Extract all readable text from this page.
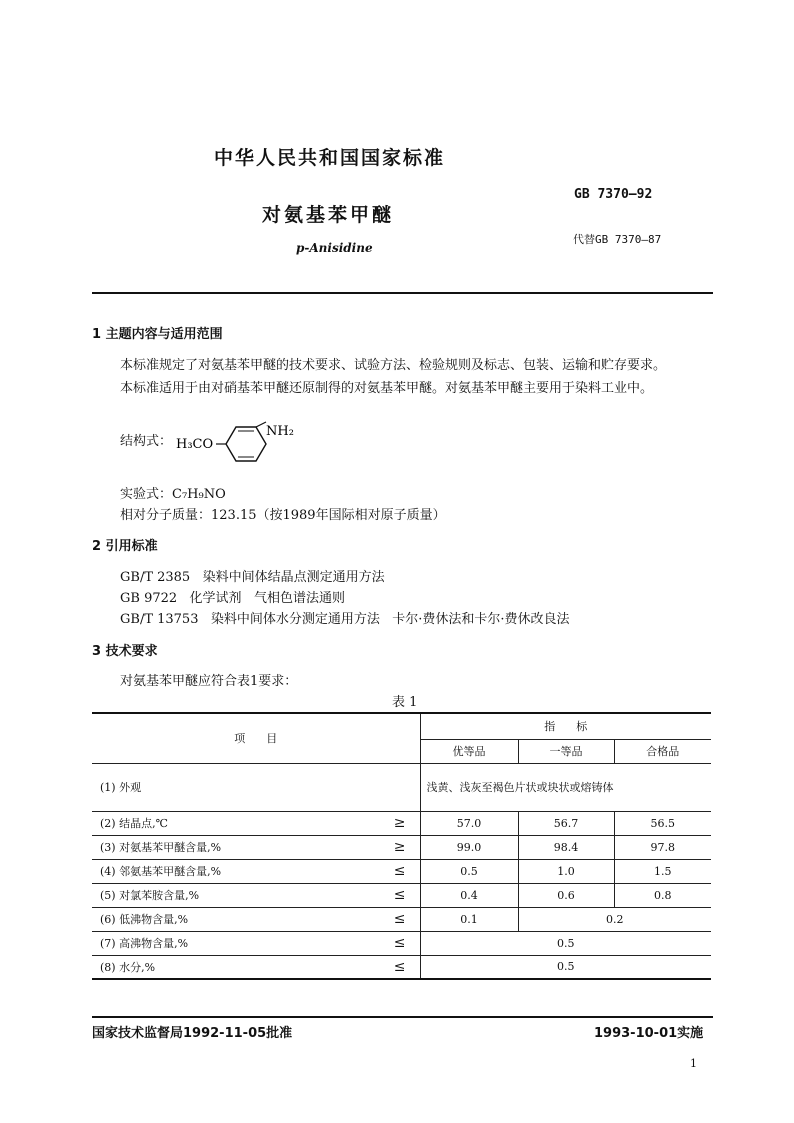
中华人民共和国国家标准
对氨基苯甲醚
p-Anisidine
GB 7370—92
代替GB 7370—87
1 主题内容与适用范围
本标准规定了对氨基苯甲醚的技术要求、试验方法、检验规则及标志、包装、运输和贮存要求。
本标准适用于由对硝基苯甲醚还原制得的对氨基苯甲醚。对氨基苯甲醚主要用于染料工业中。
结构式： H₃CO
NH₂
实验式：C₇H₉NO
相对分子质量：123.15（按1989年国际相对原子质量）
2 引用标准
GB/T 2385   染料中间体结晶点测定通用方法
GB 9722   化学试剂   气相色谱法通则
GB/T 13753   染料中间体水分测定通用方法   卡尔·费休法和卡尔·费休改良法
3 技术要求
对氨基苯甲醚应符合表1要求：
表 1
项      目		指      标		
		优等品	一等品	合格品
(1) 外观		浅黄、浅灰至褐色片状或块状或熔铸体		
(2) 结晶点,℃	≥	57.0	56.7	56.5
(3) 对氨基苯甲醚含量,%	≥	99.0	98.4	97.8
(4) 邻氨基苯甲醚含量,%	≤	0.5	1.0	1.5
(5) 对氯苯胺含量,%	≤	0.4	0.6	0.8
(6) 低沸物含量,%	≤	0.1	0.2	
(7) 高沸物含量,%	≤	0.5		
(8) 水分,%	≤	0.5		
国家技术监督局1992-11-05批准	1993-10-01实施
1
